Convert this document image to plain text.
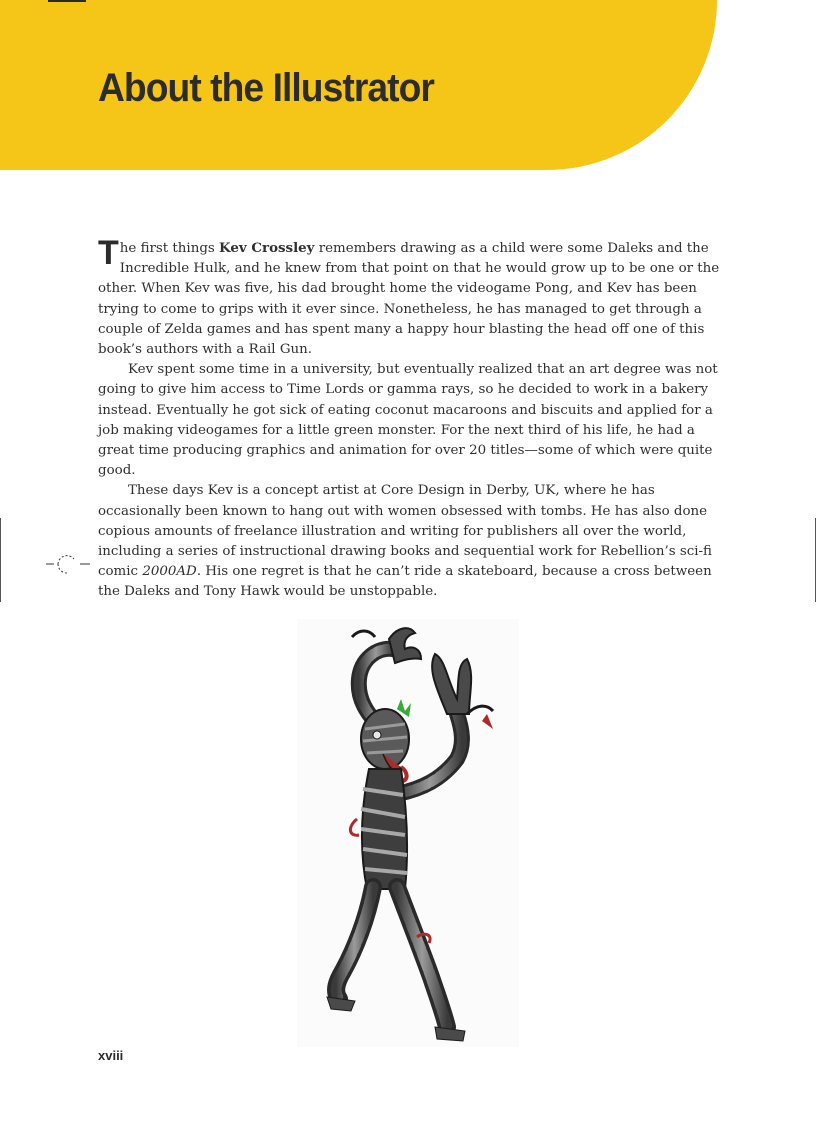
About the Illustrator

The first things Kev Crossley remembers drawing as a child were some Daleks and the Incredible Hulk, and he knew from that point on that he would grow up to be one or the other. When Kev was five, his dad brought home the videogame Pong, and Kev has been trying to come to grips with it ever since. Nonetheless, he has managed to get through a couple of Zelda games and has spent many a happy hour blasting the head off one of this book’s authors with a Rail Gun.

Kev spent some time in a university, but eventually realized that an art degree was not going to give him access to Time Lords or gamma rays, so he decided to work in a bakery instead. Eventually he got sick of eating coconut macaroons and biscuits and applied for a job making videogames for a little green monster. For the next third of his life, he had a great time producing graphics and animation for over 20 titles—some of which were quite good.

These days Kev is a concept artist at Core Design in Derby, UK, where he has occasionally been known to hang out with women obsessed with tombs. He has also done copious amounts of freelance illustration and writing for publishers all over the world, including a series of instructional drawing books and sequential work for Rebellion’s sci-fi comic 2000AD. His one regret is that he can’t ride a skateboard, because a cross between the Daleks and Tony Hawk would be unstoppable.

xviii
